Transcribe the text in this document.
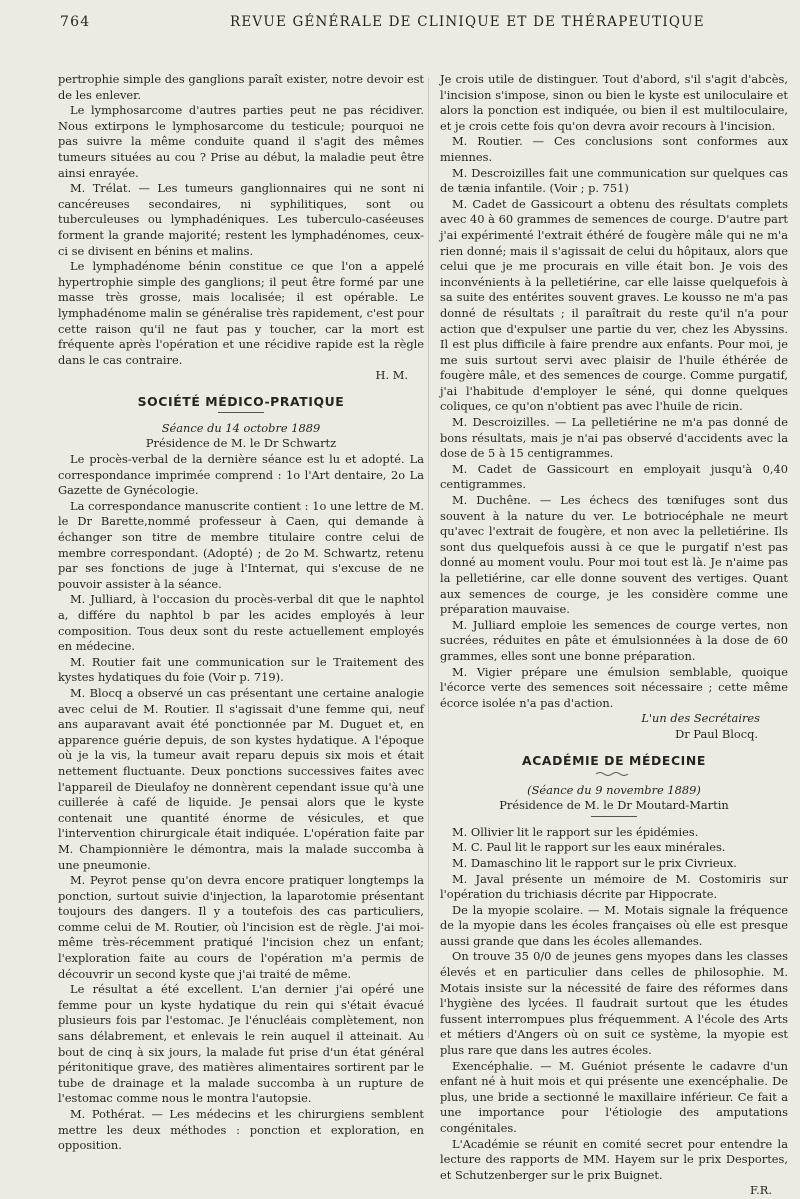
764	REVUE GÉNÉRALE DE CLINIQUE ET DE THÉRAPEUTIQUE

pertrophie simple des ganglions paraît exister, notre devoir est de les enlever.

Le lymphosarcome d'autres parties peut ne pas récidiver. Nous extirpons le lymphosarcome du testicule; pourquoi ne pas suivre la même conduite quand il s'agit des mêmes tumeurs situées au cou ? Prise au début, la maladie peut être ainsi enrayée.

M. Trélat. — Les tumeurs ganglionnaires qui ne sont ni cancéreuses secondaires, ni syphilitiques, sont ou tuberculeuses ou lymphadéniques. Les tuberculo-caséeuses forment la grande majorité; restent les lymphadénomes, ceux-ci se divisent en bénins et malins.

Le lymphadénome bénin constitue ce que l'on a appelé hypertrophie simple des ganglions; il peut être formé par une masse très grosse, mais localisée; il est opérable. Le lymphadénome malin se généralise très rapidement, c'est pour cette raison qu'il ne faut pas y toucher, car la mort est fréquente après l'opération et une récidive rapide est la règle dans le cas contraire.

H. M.

SOCIÉTÉ MÉDICO-PRATIQUE

Séance du 14 octobre 1889

Présidence de M. le Dr Schwartz

Le procès-verbal de la dernière séance est lu et adopté. La correspondance imprimée comprend : 1o l'Art dentaire, 2o La Gazette de Gynécologie.

La correspondance manuscrite contient : 1o une lettre de M. le Dr Barette,nommé professeur à Caen, qui demande à échanger son titre de membre titulaire contre celui de membre correspondant. (Adopté) ; de 2o M. Schwartz, retenu par ses fonctions de juge à l'Internat, qui s'excuse de ne pouvoir assister à la séance.

M. Julliard, à l'occasion du procès-verbal dit que le naphtol a, différe du naphtol b par les acides employés à leur composition. Tous deux sont du reste actuellement employés en médecine.

M. Routier fait une communication sur le Traitement des kystes hydatiques du foie (Voir p. 719).

M. Blocq a observé un cas présentant une certaine analogie avec celui de M. Routier. Il s'agissait d'une femme qui, neuf ans auparavant avait été ponctionnée par M. Duguet et, en apparence guérie depuis, de son kystes hydatique. A l'époque où je la vis, la tumeur avait reparu depuis six mois et était nettement fluctuante. Deux ponctions successives faites avec l'appareil de Dieulafoy ne donnèrent cependant issue qu'à une cuillerée à café de liquide. Je pensai alors que le kyste contenait une quantité énorme de vésicules, et que l'intervention chirurgicale était indiquée. L'opération faite par M. Championnière le démontra, mais la malade succomba à une pneumonie.

M. Peyrot pense qu'on devra encore pratiquer longtemps la ponction, surtout suivie d'injection, la laparotomie présentant toujours des dangers. Il y a toutefois des cas particuliers, comme celui de M. Routier, où l'incision est de règle. J'ai moi-même très-récemment pratiqué l'incision chez un enfant; l'exploration faite au cours de l'opération m'a permis de découvrir un second kyste que j'ai traité de même.

Le résultat a été excellent. L'an dernier j'ai opéré une femme pour un kyste hydatique du rein qui s'était évacué plusieurs fois par l'estomac. Je l'énucléais complètement, non sans délabrement, et enlevais le rein auquel il atteinait. Au bout de cinq à six jours, la malade fut prise d'un état général péritonitique grave, des matières alimentaires sortirent par le tube de drainage et la malade succomba à un rupture de l'estomac comme nous le montra l'autopsie.

M. Pothérat. — Les médecins et les chirurgiens semblent mettre les deux méthodes : ponction et exploration, en opposition.

Je crois utile de distinguer. Tout d'abord, s'il s'agit d'abcès, l'incision s'impose, sinon ou bien le kyste est uniloculaire et alors la ponction est indiquée, ou bien il est multiloculaire, et je crois cette fois qu'on devra avoir recours à l'incision.

M. Routier. — Ces conclusions sont conformes aux miennes.

M. Descroizilles fait une communication sur quelques cas de tænia infantile. (Voir ; p. 751)

M. Cadet de Gassicourt a obtenu des résultats complets avec 40 à 60 grammes de semences de courge. D'autre part j'ai expérimenté l'extrait éthéré de fougère mâle qui ne m'a rien donné; mais il s'agissait de celui du hôpitaux, alors que celui que je me procurais en ville était bon. Je vois des inconvénients à la pelletiérine, car elle laisse quelquefois à sa suite des entérites souvent graves. Le kousso ne m'a pas donné de résultats ; il paraîtrait du reste qu'il n'a pour action que d'expulser une partie du ver, chez les Abyssins. Il est plus difficile à faire prendre aux enfants. Pour moi, je me suis surtout servi avec plaisir de l'huile éthérée de fougère mâle, et des semences de courge. Comme purgatif, j'ai l'habitude d'employer le séné, qui donne quelques coliques, ce qu'on n'obtient pas avec l'huile de ricin.

M. Descroizilles. — La pelletiérine ne m'a pas donné de bons résultats, mais je n'ai pas observé d'accidents avec la dose de 5 à 15 centigrammes.

M. Cadet de Gassicourt en employait jusqu'à 0,40 centigrammes.

M. Duchêne. — Les échecs des tœnifuges sont dus souvent à la nature du ver. Le botriocéphale ne meurt qu'avec l'extrait de fougère, et non avec la pelletiérine. Ils sont dus quelquefois aussi à ce que le purgatif n'est pas donné au moment voulu. Pour moi tout est là. Je n'aime pas la pelletiérine, car elle donne souvent des vertiges. Quant aux semences de courge, je les considère comme une préparation mauvaise.

M. Julliard emploie les semences de courge vertes, non sucrées, réduites en pâte et émulsionnées à la dose de 60 grammes, elles sont une bonne préparation.

M. Vigier prépare une émulsion semblable, quoique l'écorce verte des semences soit nécessaire ; cette même écorce isolée n'a pas d'action.

L'un des Secrétaires

Dr Paul Blocq.

ACADÉMIE DE MÉDECINE

(Séance du 9 novembre 1889)

Présidence de M. le Dr Moutard-Martin

M. Ollivier lit le rapport sur les épidémies.

M. C. Paul lit le rapport sur les eaux minérales.

M. Damaschino lit le rapport sur le prix Civrieux.

M. Javal présente un mémoire de M. Costomiris sur l'opération du trichiasis décrite par Hippocrate.

De la myopie scolaire. — M. Motais signale la fréquence de la myopie dans les écoles françaises où elle est presque aussi grande que dans les écoles allemandes.

On trouve 35 0/0 de jeunes gens myopes dans les classes élevés et en particulier dans celles de philosophie. M. Motais insiste sur la nécessité de faire des réformes dans l'hygiène des lycées. Il faudrait surtout que les études fussent interrompues plus fréquemment. A l'école des Arts et métiers d'Angers où on suit ce système, la myopie est plus rare que dans les autres écoles.

Exencéphalie. — M. Guéniot présente le cadavre d'un enfant né à huit mois et qui présente une exencéphalie. De plus, une bride a sectionné le maxillaire inférieur. Ce fait a une importance pour l'étiologie des amputations congénitales.

L'Académie se réunit en comité secret pour entendre la lecture des rapports de MM. Hayem sur le prix Desportes, et Schutzenberger sur le prix Buignet.

F.R.
